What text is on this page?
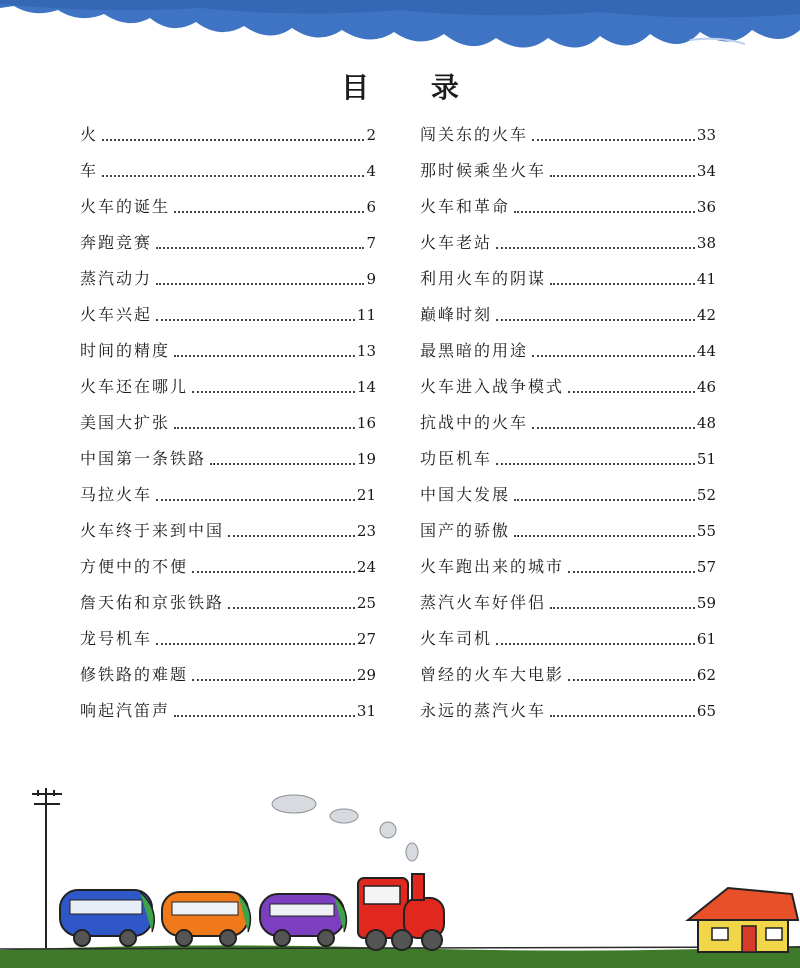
目 录
火	2
车	4
火车的诞生	6
奔跑竞赛	7
蒸汽动力	9
火车兴起	11
时间的精度	13
火车还在哪儿	14
美国大扩张	16
中国第一条铁路	19
马拉火车	21
火车终于来到中国	23
方便中的不便	24
詹天佑和京张铁路	25
龙号机车	27
修铁路的难题	29
响起汽笛声	31
闯关东的火车	33
那时候乘坐火车	34
火车和革命	36
火车老站	38
利用火车的阴谋	41
巅峰时刻	42
最黑暗的用途	44
火车进入战争模式	46
抗战中的火车	48
功臣机车	51
中国大发展	52
国产的骄傲	55
火车跑出来的城市	57
蒸汽火车好伴侣	59
火车司机	61
曾经的火车大电影	62
永远的蒸汽火车	65
